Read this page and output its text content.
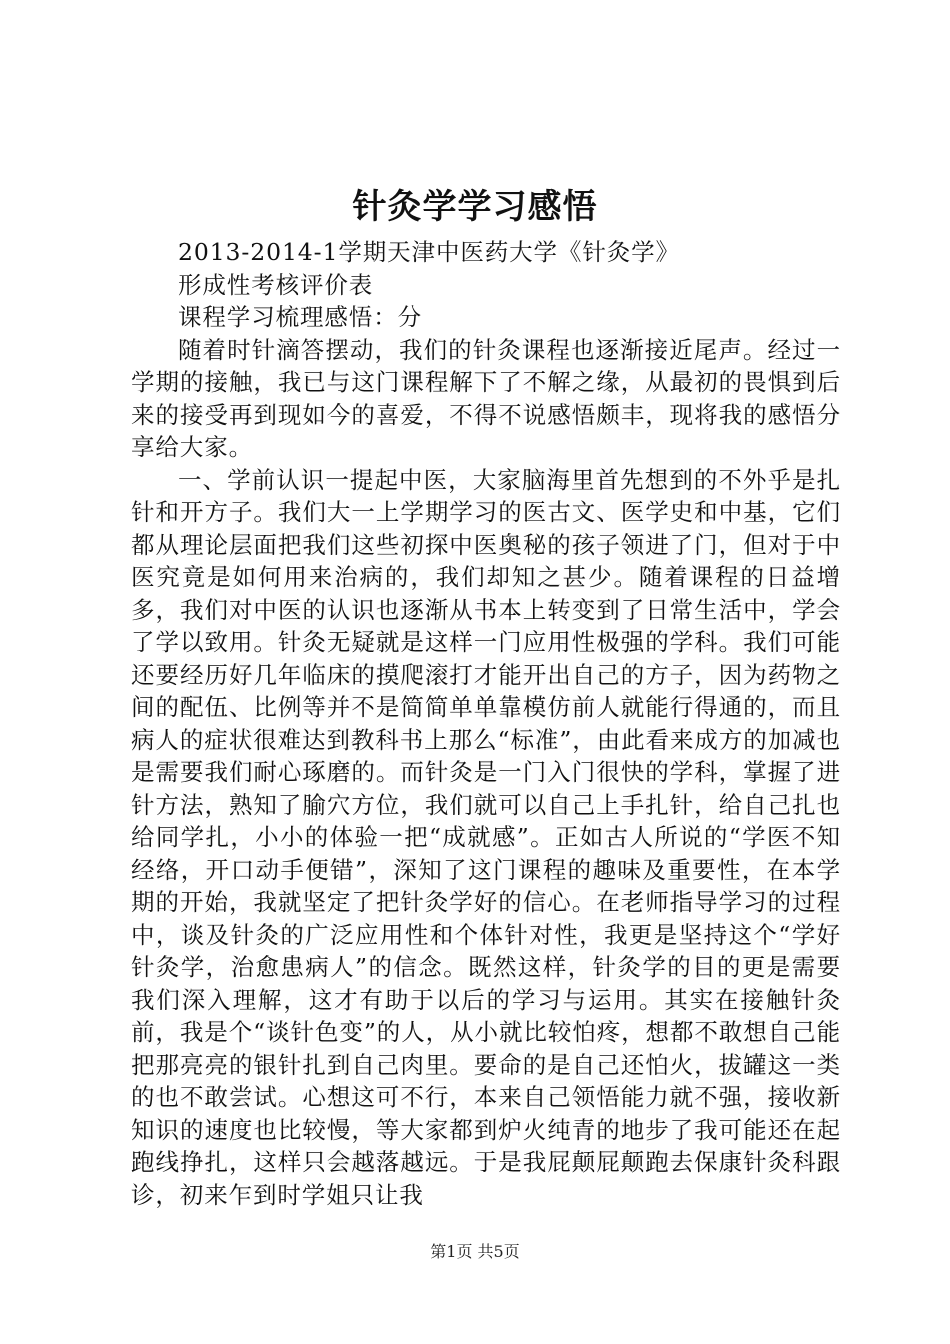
针灸学学习感悟

2013-2014-1学期天津中医药大学《针灸学》

形成性考核评价表

课程学习梳理感悟：分

随着时针滴答摆动，我们的针灸课程也逐渐接近尾声。经过一学期的接触，我已与这门课程解下了不解之缘，从最初的畏惧到后来的接受再到现如今的喜爱，不得不说感悟颇丰，现将我的感悟分享给大家。

一、学前认识一提起中医，大家脑海里首先想到的不外乎是扎针和开方子。我们大一上学期学习的医古文、医学史和中基，它们都从理论层面把我们这些初探中医奥秘的孩子领进了门，但对于中医究竟是如何用来治病的，我们却知之甚少。随着课程的日益增多，我们对中医的认识也逐渐从书本上转变到了日常生活中，学会了学以致用。针灸无疑就是这样一门应用性极强的学科。我们可能还要经历好几年临床的摸爬滚打才能开出自己的方子，因为药物之间的配伍、比例等并不是简简单单靠模仿前人就能行得通的，而且病人的症状很难达到教科书上那么“标准”，由此看来成方的加减也是需要我们耐心琢磨的。而针灸是一门入门很快的学科，掌握了进针方法，熟知了腧穴方位，我们就可以自己上手扎针，给自己扎也给同学扎，小小的体验一把“成就感”。正如古人所说的“学医不知经络，开口动手便错”，深知了这门课程的趣味及重要性，在本学期的开始，我就坚定了把针灸学好的信心。在老师指导学习的过程中，谈及针灸的广泛应用性和个体针对性，我更是坚持这个“学好针灸学，治愈患病人”的信念。既然这样，针灸学的目的更是需要我们深入理解，这才有助于以后的学习与运用。其实在接触针灸前，我是个“谈针色变”的人，从小就比较怕疼，想都不敢想自己能把那亮亮的银针扎到自己肉里。要命的是自己还怕火，拔罐这一类的也不敢尝试。心想这可不行，本来自己领悟能力就不强，接收新知识的速度也比较慢，等大家都到炉火纯青的地步了我可能还在起跑线挣扎，这样只会越落越远。于是我屁颠屁颠跑去保康针灸科跟诊，初来乍到时学姐只让我

第1页 共5页
